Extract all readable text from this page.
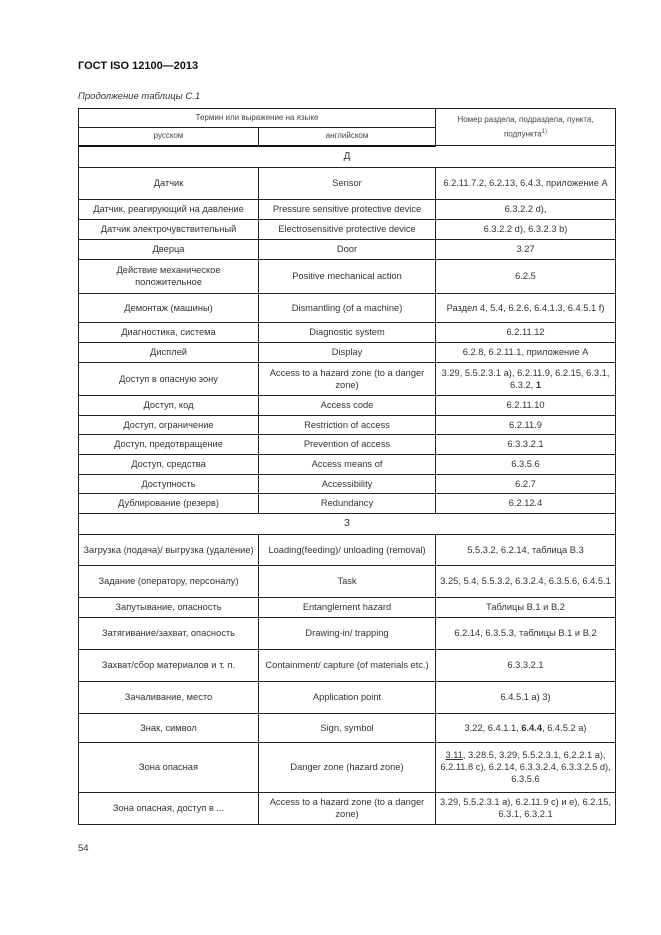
ГОСТ ISO 12100—2013
Продолжение таблицы С.1
Термин или выражение на языке		Номер раздела, подраздела, пункта, подпункта$^{1)}$
русском	английском	
Д		
Датчик	Sensor	6.2.11.7.2, 6.2.13, 6.4.3, приложение А
Датчик, реагирующий на давление	Pressure sensitive protective device	6.3.2.2 d),
Датчик электрочувствительный	Electrosensitive protective device	6.3.2.2 d), 6.3.2.3 b)
Дверца	Door	3.27
Действие механическое положительное	Positive mechanical action	6.2.5
Демонтаж (машины)	Dismantling (of a machine)	Раздел 4, 5.4, 6.2.6, 6.4.1.3, 6.4.5.1 f)
Диагностика, система	Diagnostic system	6.2.11.12
Дисплей	Display	6.2.8, 6.2.11.1, приложение А
Доступ в опасную зону	Access to a hazard zone (to a danger zone)	3.29, 5.5.2.3.1 a), 6.2.11.9, 6.2.15, 6.3.1, 6.3.2, 1
Доступ, код	Access code	6.2.11.10
Доступ, ограничение	Restriction of access	6.2.11.9
Доступ, предотвращение	Prevention of access	6.3.3.2.1
Доступ, средства	Access means of	6.3.5.6
Доступность	Accessibility	6.2.7
Дублирование (резерв)	Redundancy	6.2.12.4
З		
Загрузка (подача)/ выгрузка (удаление)	Loading(feeding)/ unloading (removal)	5.5.3.2, 6.2.14, таблица В.3
Задание (оператору, персоналу)	Task	3.25, 5.4, 5.5.3.2, 6.3.2.4, 6.3.5.6, 6.4.5.1
Запутывание, опасность	Entanglement hazard	Таблицы В.1 и В.2
Затягивание/захват, опасность	Drawing-in/ trapping	6.2.14, 6.3.5.3, таблицы В.1 и В.2
Захват/сбор материалов и т. п.	Containment/ capture (of materials etc.)	6.3.3.2.1
Зачаливание, место	Application point	6.4.5.1 a) 3)
Знак, символ	Sign, symbol	3.22, 6.4.1.1, 6.4.4, 6.4.5.2 a)
Зона опасная	Danger zone (hazard zone)	3.11, 3.28.5, 3.29, 5.5.2.3.1, 6.2.2.1 a), 6.2.11.8 c), 6.2.14, 6.3.3.2.4, 6.3.3.2.5 d), 6.3.5.6
Зона опасная, доступ в ...	Access to a hazard zone (to a danger zone)	3.29, 5.5.2.3.1 a), 6.2.11.9 c) и e), 6.2.15, 6.3.1, 6.3.2.1
54
